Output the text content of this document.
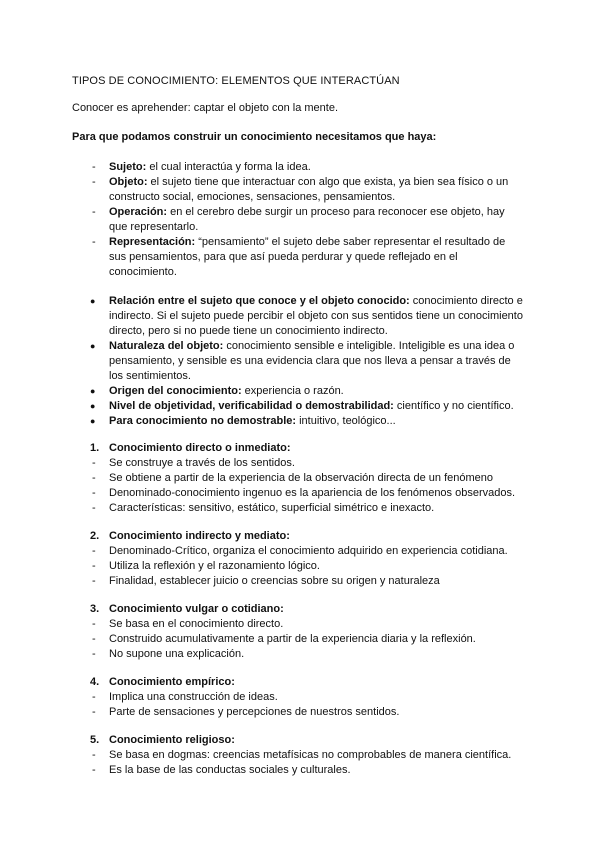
TIPOS DE CONOCIMIENTO: ELEMENTOS QUE INTERACTÚAN
Conocer es aprehender: captar el objeto con la mente.
Para que podamos construir un conocimiento necesitamos que haya:
-	Sujeto: el cual interactúa y forma la idea.
-	Objeto: el sujeto tiene que interactuar con algo que exista, ya bien sea físico o un
constructo social, emociones, sensaciones, pensamientos.
-	Operación: en el cerebro debe surgir un proceso para reconocer ese objeto, hay
que representarlo.
-	Representación: “pensamiento” el sujeto debe saber representar el resultado de
sus pensamientos, para que así pueda perdurar y quede reflejado en el
conocimiento.
●	Relación entre el sujeto que conoce y el objeto conocido: conocimiento directo e
indirecto. Si el sujeto puede percibir el objeto con sus sentidos tiene un conocimiento
directo, pero si no puede tiene un conocimiento indirecto.
●	Naturaleza del objeto: conocimiento sensible e inteligible. Inteligible es una idea o
pensamiento, y sensible es una evidencia clara que nos lleva a pensar a través de
los sentimientos.
●	Origen del conocimiento: experiencia o razón.
●	Nivel de objetividad, verificabilidad o demostrabilidad: científico y no científico.
●	Para conocimiento no demostrable: intuitivo, teológico...
1. Conocimiento directo o inmediato:
-	Se construye a través de los sentidos.
-	Se obtiene a partir de la experiencia de la observación directa de un fenómeno
-	Denominado-conocimiento ingenuo es la apariencia de los fenómenos observados.
-	Características: sensitivo, estático, superficial simétrico e inexacto.
2. Conocimiento indirecto y mediato:
-	Denominado-Crítico, organiza el conocimiento adquirido en experiencia cotidiana.
-	Utiliza la reflexión y el razonamiento lógico.
-	Finalidad, establecer juicio o creencias sobre su origen y naturaleza
3. Conocimiento vulgar o cotidiano:
-	Se basa en el conocimiento directo.
-	Construido acumulativamente a partir de la experiencia diaria y la reflexión.
-	No supone una explicación.
4. Conocimiento empírico:
-	Implica una construcción de ideas.
-	Parte de sensaciones y percepciones de nuestros sentidos.
5. Conocimiento religioso:
-	Se basa en dogmas: creencias metafísicas no comprobables de manera científica.
-	Es la base de las conductas sociales y culturales.
